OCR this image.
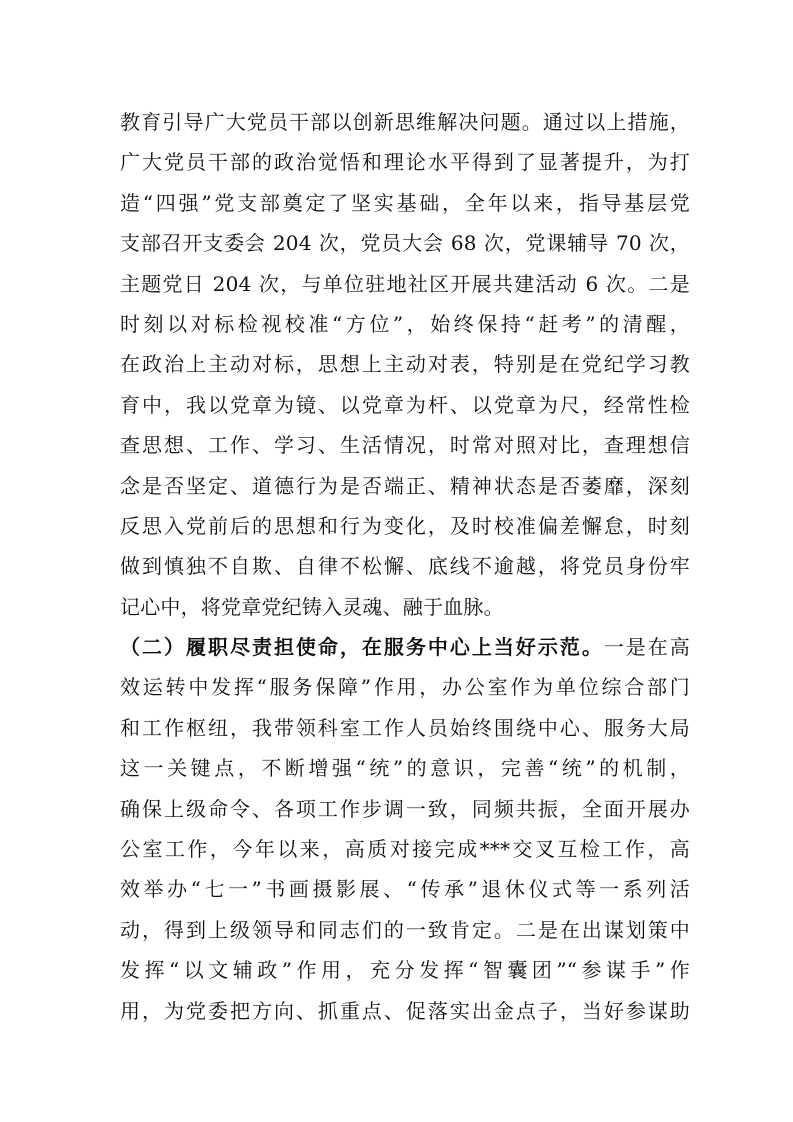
教育引导广大党员干部以创新思维解决问题。通过以上措施，
广大党员干部的政治觉悟和理论水平得到了显著提升，为打
造“四强”党支部奠定了坚实基础，全年以来，指导基层党
支部召开支委会 204 次，党员大会 68 次，党课辅导 70 次，
主题党日 204 次，与单位驻地社区开展共建活动 6 次。二是
时刻以对标检视校准“方位”，始终保持“赶考”的清醒，
在政治上主动对标，思想上主动对表，特别是在党纪学习教
育中，我以党章为镜、以党章为杆、以党章为尺，经常性检
查思想、工作、学习、生活情况，时常对照对比，查理想信
念是否坚定、道德行为是否端正、精神状态是否萎靡，深刻
反思入党前后的思想和行为变化，及时校准偏差懈怠，时刻
做到慎独不自欺、自律不松懈、底线不逾越，将党员身份牢
记心中，将党章党纪铸入灵魂、融于血脉。
（二）履职尽责担使命，在服务中心上当好示范。一是在高
效运转中发挥“服务保障”作用，办公室作为单位综合部门
和工作枢纽，我带领科室工作人员始终围绕中心、服务大局
这一关键点，不断增强“统”的意识，完善“统”的机制，
确保上级命令、各项工作步调一致，同频共振，全面开展办
公室工作，今年以来，高质对接完成***交叉互检工作，高
效举办“七一”书画摄影展、“传承”退休仪式等一系列活
动，得到上级领导和同志们的一致肯定。二是在出谋划策中
发挥“以文辅政”作用，充分发挥“智囊团”“参谋手”作
用，为党委把方向、抓重点、促落实出金点子，当好参谋助
